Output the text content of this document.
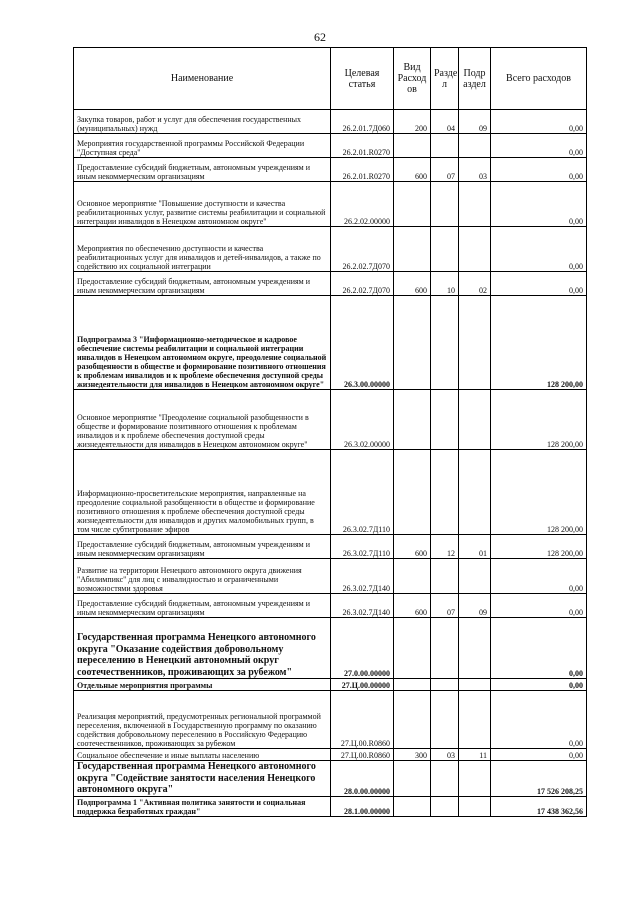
62
Наименование	Целевая статья	Вид Расход ов	Разде л	Подр аздел	Всего расходов
Закупка товаров, работ и услуг для обеспечения государственных (муниципальных) нужд	26.2.01.7Д060	200	04	09	0,00
Мероприятия государственной программы Российской Федерации "Доступная среда"	26.2.01.R0270				0,00
Предоставление субсидий бюджетным, автономным учреждениям и иным некоммерческим организациям	26.2.01.R0270	600	07	03	0,00
Основное мероприятие "Повышение доступности и качества реабилитационных услуг, развитие системы реабилитации и социальной интеграции инвалидов в Ненецком автономном округе"	26.2.02.00000				0,00
Мероприятия по обеспечению доступности и качества реабилитационных услуг для инвалидов и детей-инвалидов, а также по содействию их социальной интеграции	26.2.02.7Д070				0,00
Предоставление субсидий бюджетным, автономным учреждениям и иным некоммерческим организациям	26.2.02.7Д070	600	10	02	0,00
Подпрограмма 3 "Информационно-методическое и кадровое обеспечение системы реабилитации и социальной интеграции инвалидов в Ненецком автономном округе, преодоление социальной разобщенности в обществе и формирование позитивного отношения к проблемам инвалидов и к проблеме обеспечения доступной среды жизнедеятельности для инвалидов в Ненецком автономном округе"	26.3.00.00000				128 200,00
Основное мероприятие "Преодоление социальной разобщенности в обществе и формирование позитивного отношения к проблемам инвалидов и к проблеме обеспечения доступной среды жизнедеятельности для инвалидов в Ненецком автономном округе"	26.3.02.00000				128 200,00
Информационно-просветительские мероприятия, направленные на преодоление социальной разобщенности в обществе и формирование позитивного отношения к проблеме обеспечения доступной среды жизнедеятельности для инвалидов и других маломобильных групп, в том числе субтитрование эфиров	26.3.02.7Д110				128 200,00
Предоставление субсидий бюджетным, автономным учреждениям и иным некоммерческим организациям	26.3.02.7Д110	600	12	01	128 200,00
Развитие на территории Ненецкого автономного округа движения "Абилимпикс" для лиц с инвалидностью и ограниченными возможностями здоровья	26.3.02.7Д140				0,00
Предоставление субсидий бюджетным, автономным учреждениям и иным некоммерческим организациям	26.3.02.7Д140	600	07	09	0,00
Государственная программа Ненецкого автономного округа "Оказание содействия добровольному переселению в Ненецкий автономный округ соотечественников, проживающих за рубежом"	27.0.00.00000				0,00
Отдельные мероприятия программы	27.Ц.00.00000				0,00
Реализация мероприятий, предусмотренных региональной программой переселения, включенной в Государственную программу по оказанию содействия добровольному переселению в Российскую Федерацию соотечественников, проживающих за рубежом	27.Ц.00.R0860				0,00
Социальное обеспечение и иные выплаты населению	27.Ц.00.R0860	300	03	11	0,00
Государственная программа Ненецкого автономного округа "Содействие занятости населения Ненецкого автономного округа"	28.0.00.00000				17 526 208,25
Подпрограмма 1 "Активная политика занятости и социальная поддержка безработных граждан"	28.1.00.00000				17 438 362,56
